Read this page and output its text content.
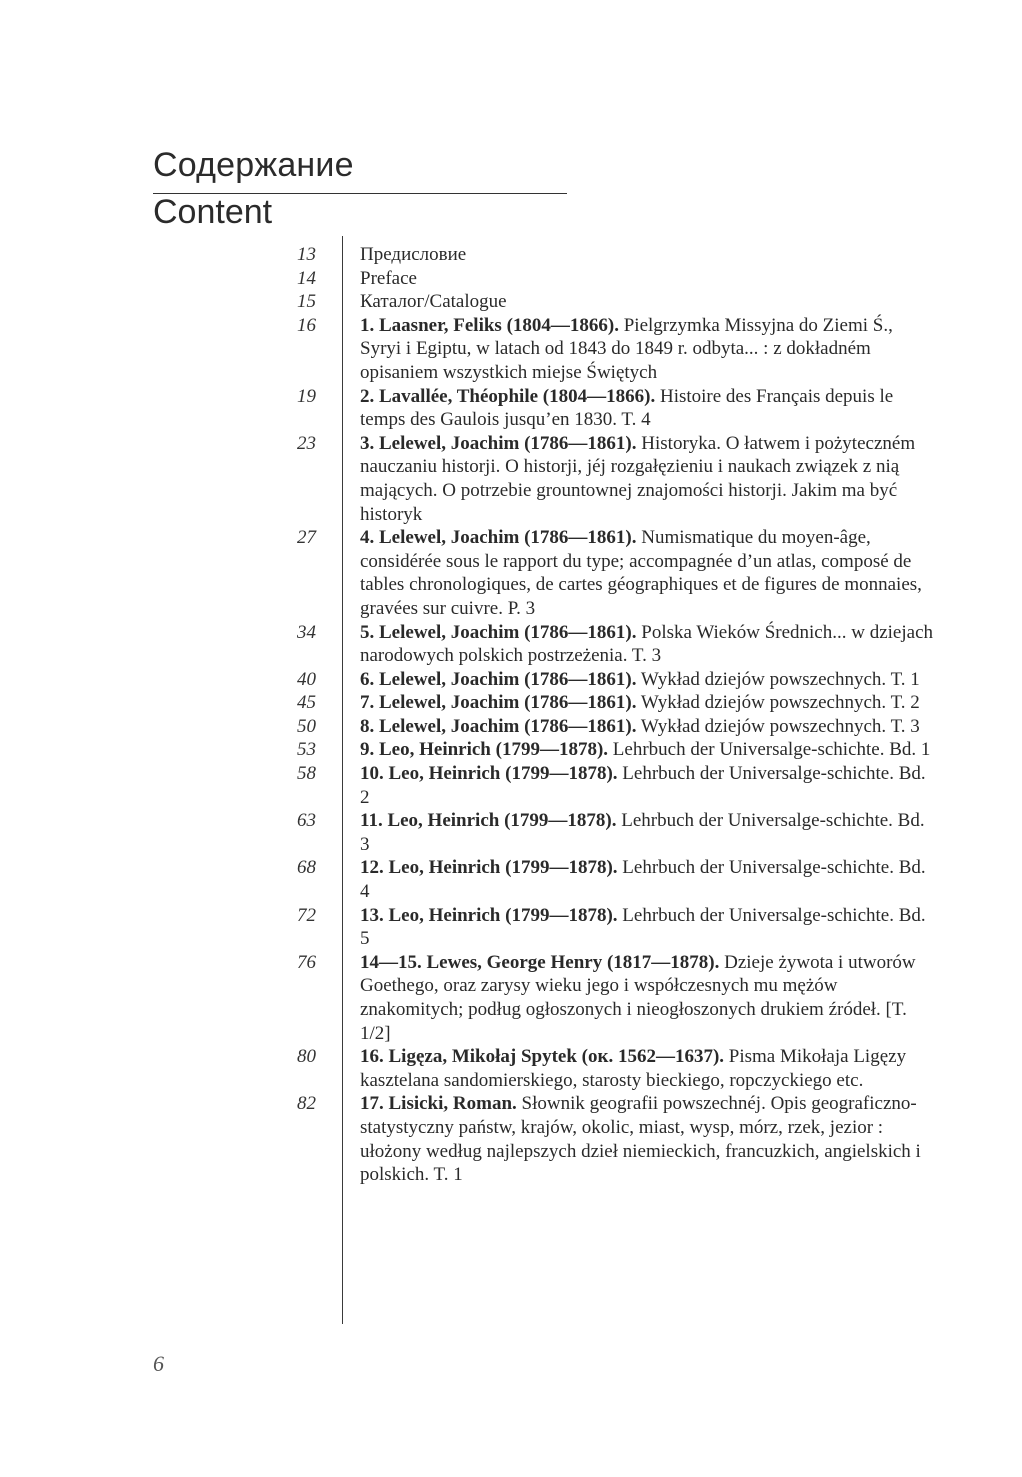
Содержание
Content
13 Предисловие
14 Preface
15 Каталог/Catalogue
16 1. Laasner, Feliks (1804—1866). Pielgrzymka Missyjna do Ziemi Ś., Syryi i Egiptu, w latach od 1843 do 1849 r. odbyta... : z dokładném opisaniem wszystkich miejse Świętych
19 2. Lavallée, Théophile (1804—1866). Histoire des Français depuis le temps des Gaulois jusqu’en 1830. T. 4
23 3. Lelewel, Joachim (1786—1861). Historyka. O łatwem i pożyteczném nauczaniu historji. O historji, jéj rozgałęzieniu i naukach związek z nią mających. O potrzebie grountownej znajomości historji. Jakim ma być historyk
27 4. Lelewel, Joachim (1786—1861). Numismatique du moyen-âge, considérée sous le rapport du type; accompagnée d’un atlas, composé de tables chronologiques, de cartes géographiques et de figures de monnaies, gravées sur cuivre. P. 3
34 5. Lelewel, Joachim (1786—1861). Polska Wieków Średnich... w dziejach narodowych polskich postrzeżenia. T. 3
40 6. Lelewel, Joachim (1786—1861). Wykład dziejów powszechnych. T. 1
45 7. Lelewel, Joachim (1786—1861). Wykład dziejów powszechnych. T. 2
50 8. Lelewel, Joachim (1786—1861). Wykład dziejów powszechnych. T. 3
53 9. Leo, Heinrich (1799—1878). Lehrbuch der Universalge-schichte. Bd. 1
58 10. Leo, Heinrich (1799—1878). Lehrbuch der Universalge-schichte. Bd. 2
63 11. Leo, Heinrich (1799—1878). Lehrbuch der Universalge-schichte. Bd. 3
68 12. Leo, Heinrich (1799—1878). Lehrbuch der Universalge-schichte. Bd. 4
72 13. Leo, Heinrich (1799—1878). Lehrbuch der Universalge-schichte. Bd. 5
76 14—15. Lewes, George Henry (1817—1878). Dzieje żywota i utworów Goethego, oraz zarysy wieku jego i współczesnych mu mężów znakomitych; podług ogłoszonych i nieogłoszonych drukiem źródeł. [T. 1/2]
80 16. Ligęza, Mikołaj Spytek (ок. 1562—1637). Pisma Mikołaja Ligęzy kasztelana sandomierskiego, starosty bieckiego, ropczyckiego etc.
82 17. Lisicki, Roman. Słownik geografii powszechnéj. Opis geograficzno-statystyczny państw, krajów, okolic, miast, wysp, mórz, rzek, jezior : ułożony według najlepszych dzieł niemieckich, francuzkich, angielskich i polskich. T. 1
6
